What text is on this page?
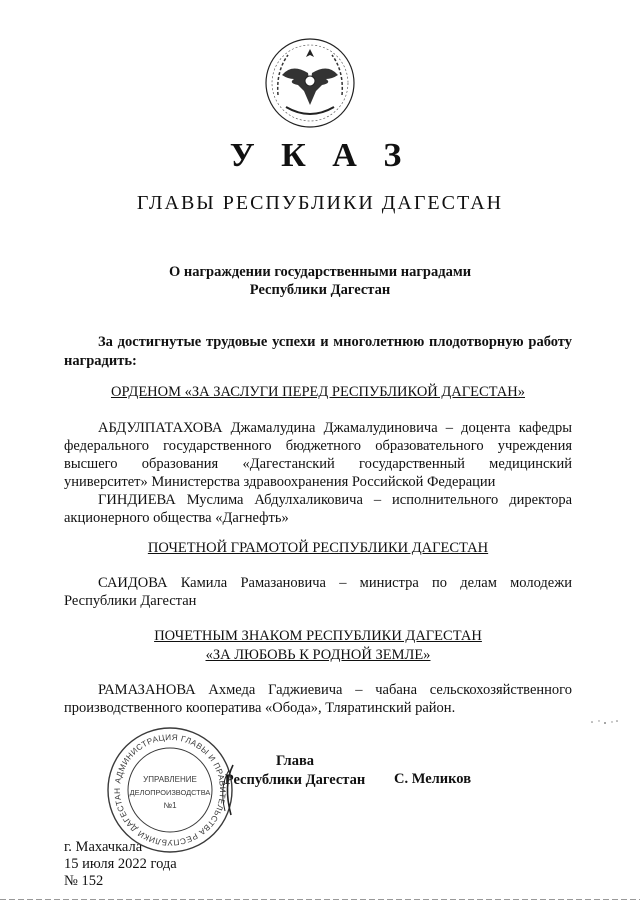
У К А З
ГЛАВЫ РЕСПУБЛИКИ ДАГЕСТАН
О награждении государственными наградами
Республики Дагестан
За достигнутые трудовые успехи и многолетнюю плодотворную работу наградить:
ОРДЕНОМ «ЗА ЗАСЛУГИ ПЕРЕД РЕСПУБЛИКОЙ ДАГЕСТАН»

АБДУЛПАТАХОВА Джамалудина Джамалудиновича – доцента кафедры федерального государственного бюджетного образовательного учреждения высшего образования «Дагестанский государственный медицинский университет» Министерства здравоохранения Российской Федерации

ГИНДИЕВА Муслима Абдулхаликовича – исполнительного директора акционерного общества «Дагнефть»

ПОЧЕТНОЙ ГРАМОТОЙ РЕСПУБЛИКИ ДАГЕСТАН

САИДОВА Камила Рамазановича – министра по делам молодежи Республики Дагестан

ПОЧЕТНЫМ ЗНАКОМ РЕСПУБЛИКИ ДАГЕСТАН
«ЗА ЛЮБОВЬ К РОДНОЙ ЗЕМЛЕ»

РАМАЗАНОВА Ахмеда Гаджиевича – чабана сельскохозяйственного производственного кооператива «Обода», Тляратинский район.

Глава
Республики Дагестан	С. Меликов
г. Махачкала
15 июля 2022 года
№ 152
АДМИНИСТРАЦИЯ ГЛАВЫ И ПРАВИТЕЛЬСТВА РЕСПУБЛИКИ ДАГЕСТАН
УПРАВЛЕНИЕ
ДЕЛОПРОИЗВОДСТВА
№1
